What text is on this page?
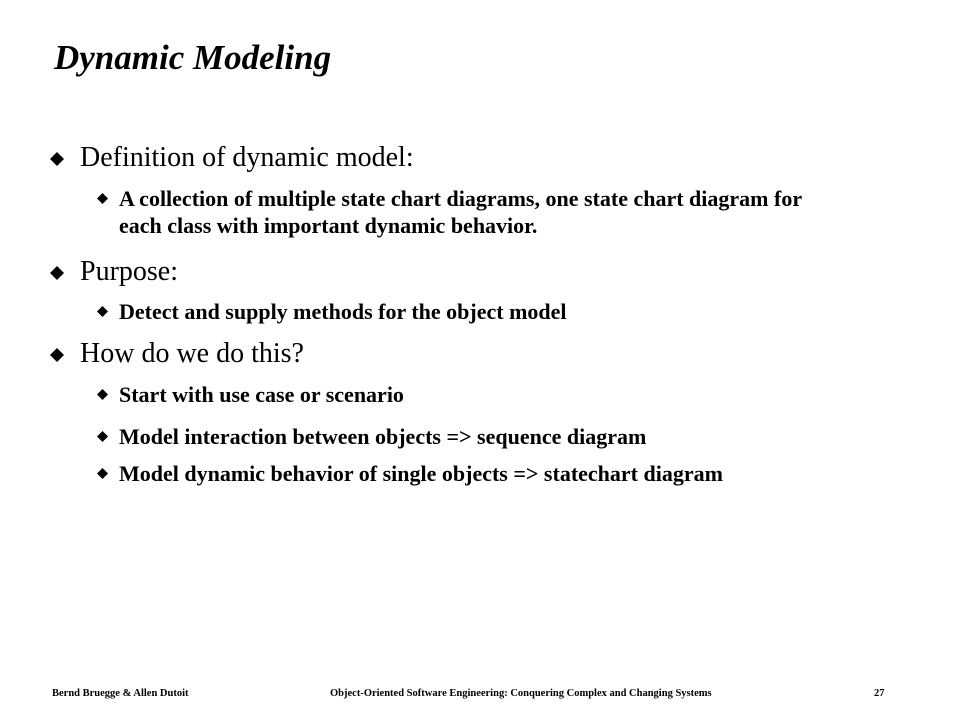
Dynamic Modeling
Definition of dynamic model:
A collection of multiple state chart diagrams, one state chart diagram for each class with important dynamic behavior.
Purpose:
Detect and supply methods for the object model
How do we do this?
Start with use case or scenario
Model interaction between objects => sequence diagram
Model dynamic behavior of single objects => statechart diagram
Bernd Bruegge & Allen Dutoit	Object-Oriented Software Engineering: Conquering Complex and Changing Systems	27
